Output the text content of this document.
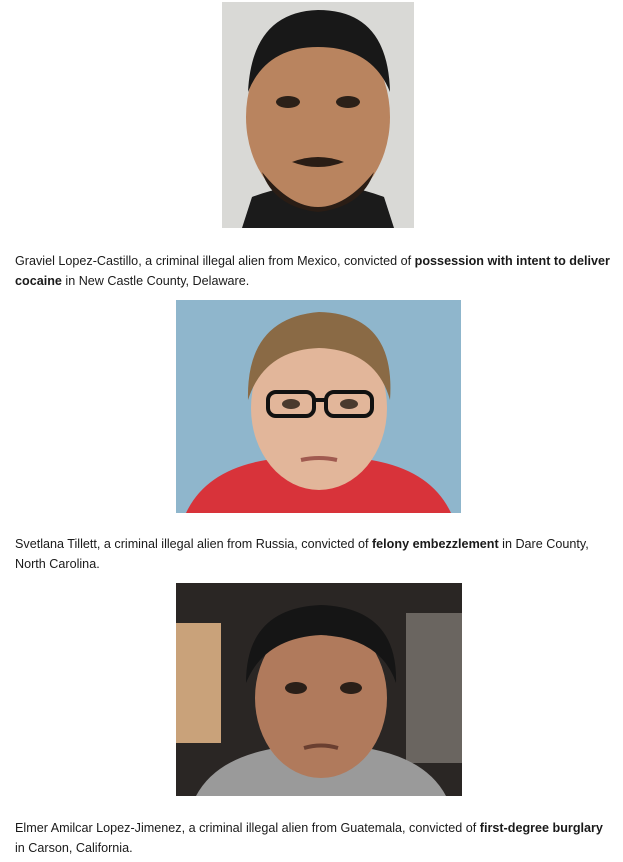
Graviel Lopez-Castillo, a criminal illegal alien from Mexico, convicted of possession with intent to deliver cocaine in New Castle County, Delaware.

Svetlana Tillett, a criminal illegal alien from Russia, convicted of felony embezzlement in Dare County, North Carolina.

Elmer Amilcar Lopez-Jimenez, a criminal illegal alien from Guatemala, convicted of first-degree burglary in Carson, California.
